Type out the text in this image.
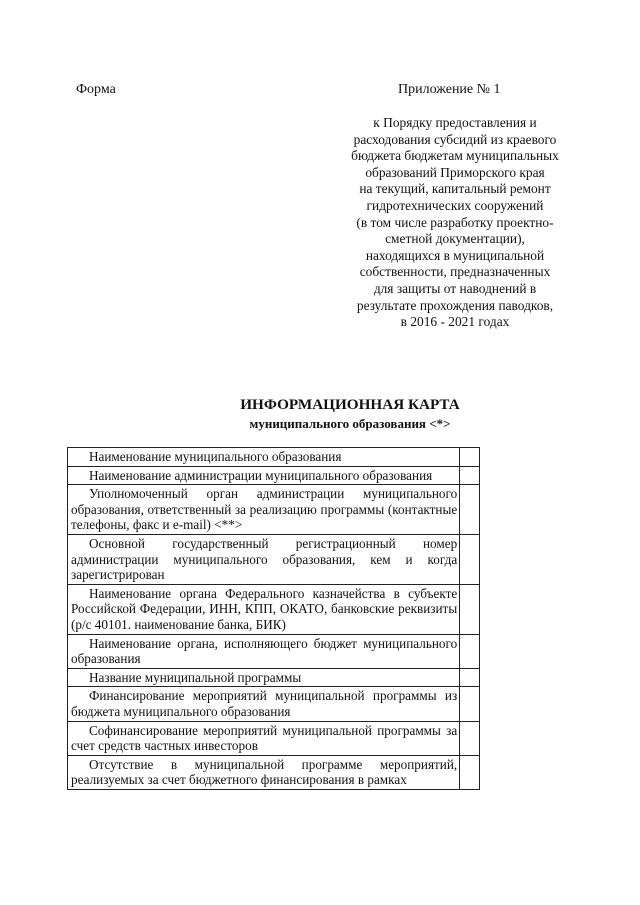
Форма	Приложение № 1
к Порядку предоставления и
расходования субсидий из краевого
бюджета бюджетам муниципальных
образований Приморского края
на текущий, капитальный ремонт
гидротехнических сооружений
(в том числе разработку проектно-
сметной документации),
находящихся в муниципальной
собственности, предназначенных
для защиты от наводнений в
результате прохождения паводков,
в 2016 - 2021 годах
ИНФОРМАЦИОННАЯ КАРТА
муниципального образования <*>
Наименование муниципального образования	

Наименование администрации муниципального образования	

Уполномоченный орган администрации муниципального образования, ответственный за реализацию программы (контактные телефоны, факс и e-mail) <**>	

Основной государственный регистрационный номер администрации муниципального образования, кем и когда зарегистрирован	

Наименование органа Федерального казначейства в субъекте Российской Федерации, ИНН, КПП, ОКАТО, банковские реквизиты (р/с 40101. наименование банка, БИК)	

Наименование органа, исполняющего бюджет муниципального образования	

Название муниципальной программы	

Финансирование мероприятий муниципальной программы из бюджета муниципального образования	

Софинансирование мероприятий муниципальной программы за счет средств частных инвесторов	

Отсутствие в муниципальной программе мероприятий, реализуемых за счет бюджетного финансирования в рамках	
